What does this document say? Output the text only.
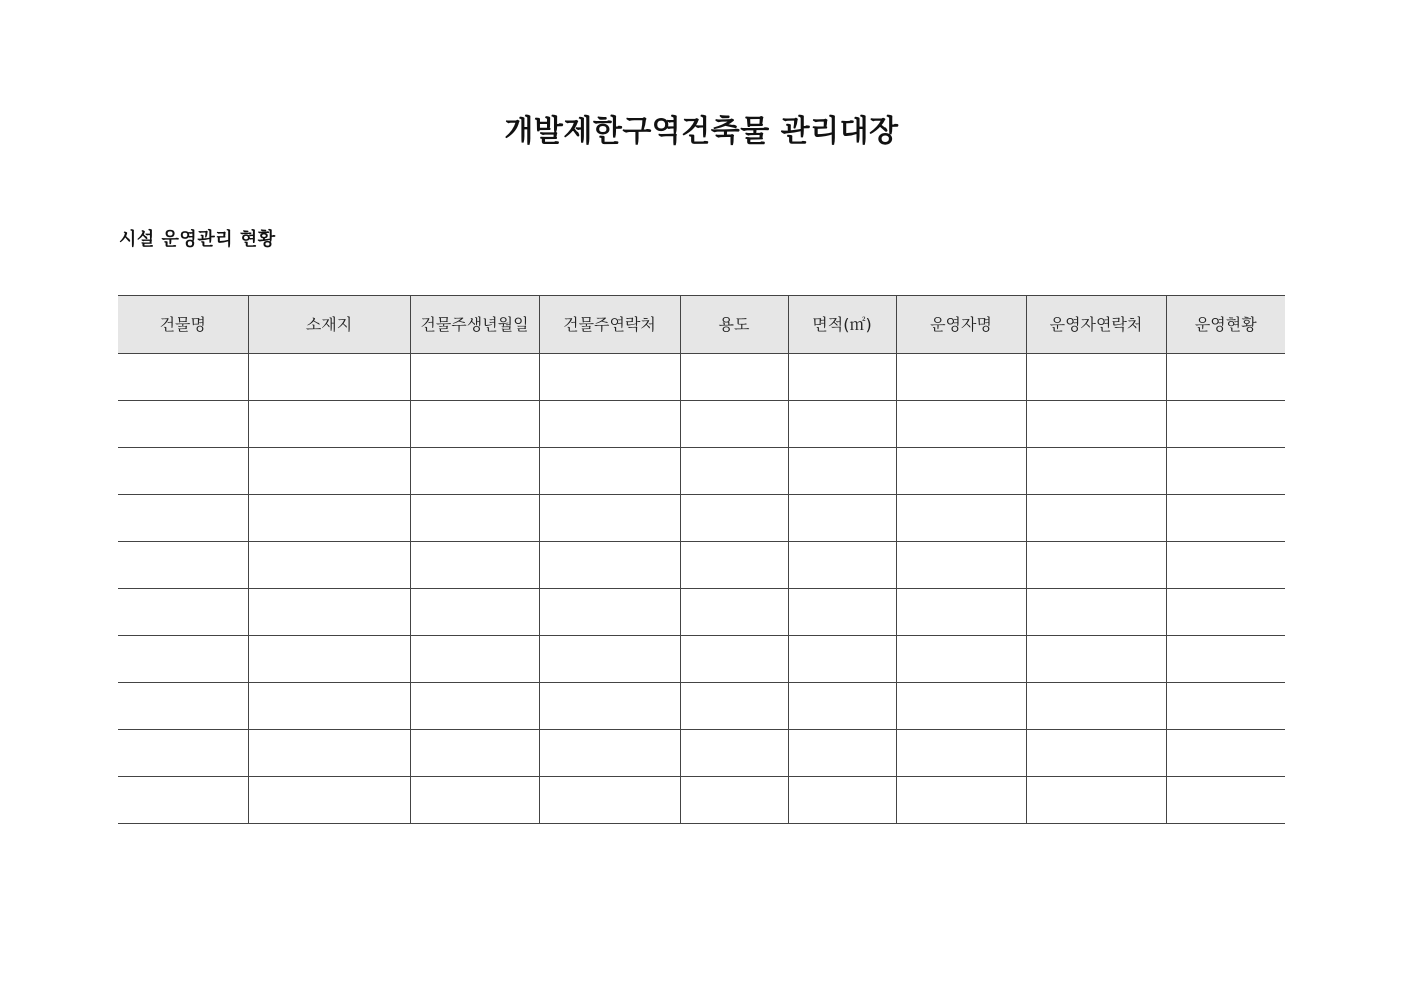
개발제한구역건축물 관리대장
시설 운영관리 현황
건물명	소재지	건물주생년월일	건물주연락처	용도	면적(㎡)	운영자명	운영자연락처	운영현황
